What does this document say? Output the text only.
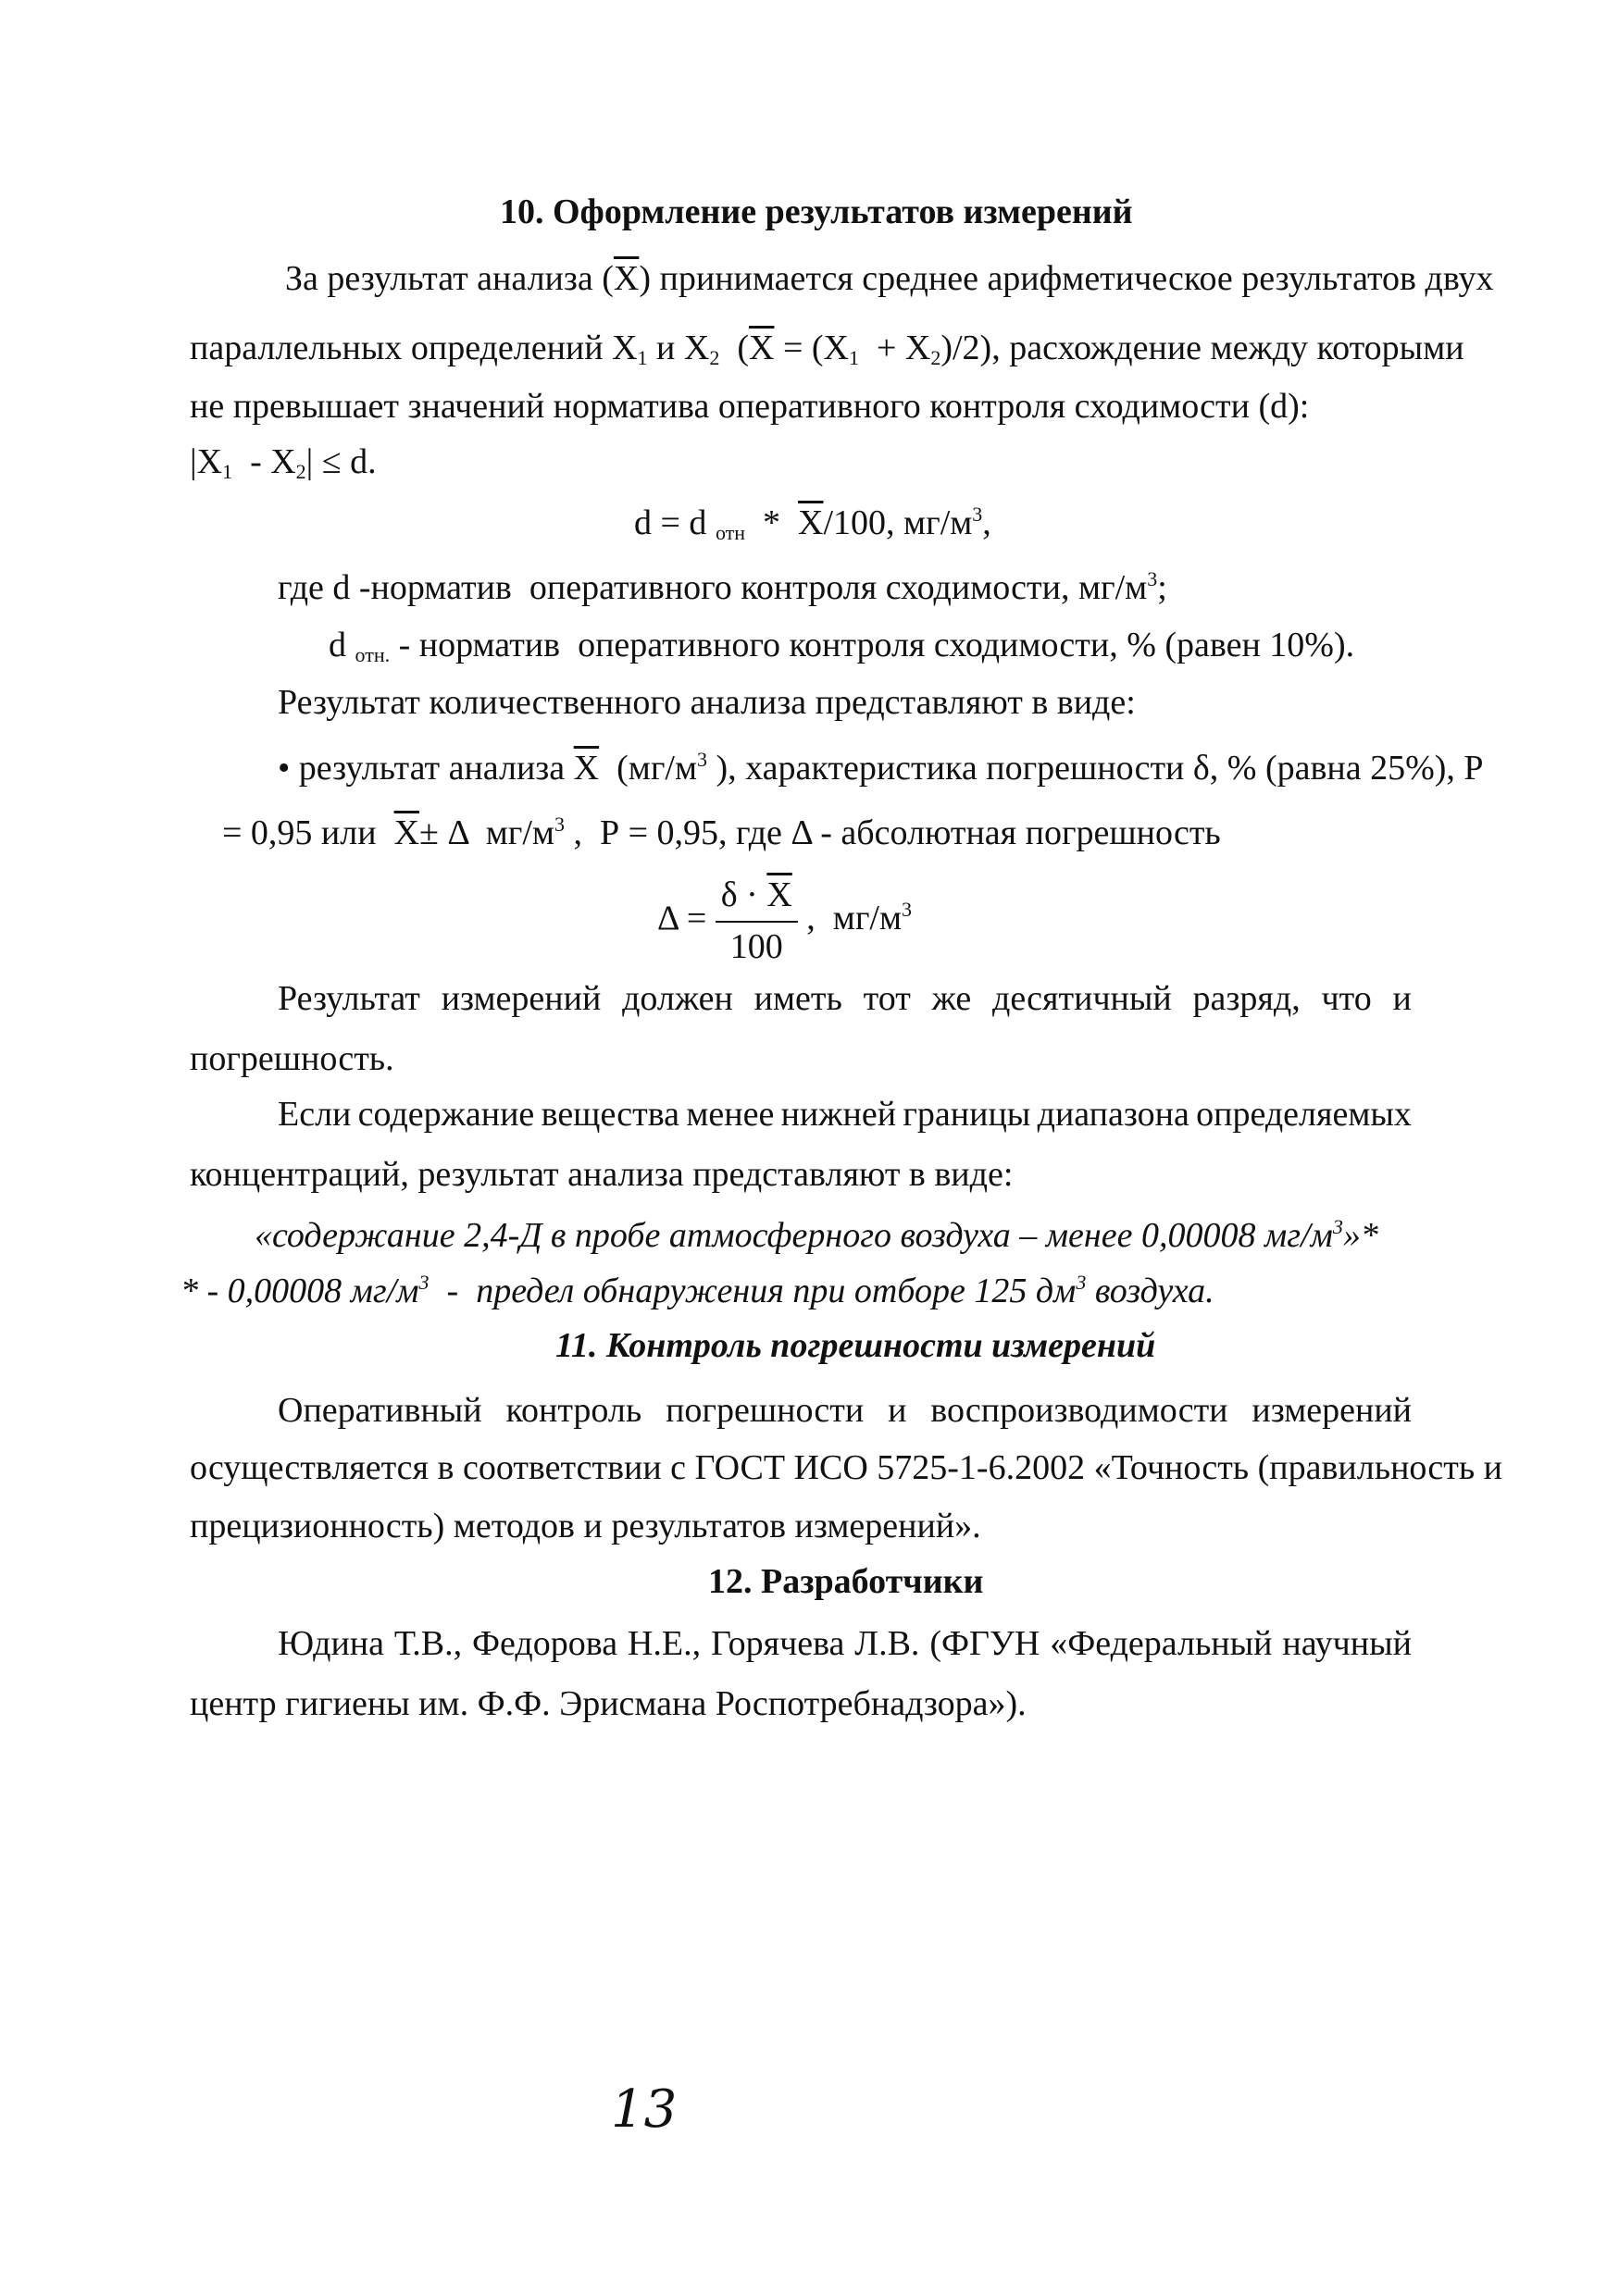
10. Оформление результатов измерений
За результат анализа $(\overline{X})$ принимается среднее арифметическое результатов двух
параллельных определений $X_1$ и $X_2$  $(\overline{X} = (X_1 + X_2)/2)$, расхождение между которыми
не превышает значений норматива оперативного контроля сходимости (d):
$|X_1 - X_2| \le d$.
d = d $_{отн} * \overline{X}/100$, $мг/м^3$,
где d -норматив  оперативного контроля сходимости, $мг/м^3$;
d $_{отн.}$ - норматив  оперативного контроля сходимости, % (равен 10%).
Результат количественного анализа представляют в виде:
• результат анализа $\overline{X}$  ($мг/м^3$ ), характеристика погрешности δ, % (равна 25%), Р
= 0,95 или  $\overline{X}\pm \Delta$  $мг/м^3$ ,  Р = 0,95, где Δ - абсолютная погрешность
$\Delta = \frac{\delta \cdot \overline{X}}{100}$ ,  $мг/м^3$
Результат измерений должен иметь тот же десятичный разряд, что и
погрешность.
Если содержание вещества менее нижней границы диапазона определяемых
концентраций, результат анализа представляют в виде:
«содержание 2,4-Д в пробе атмосферного воздуха – менее 0,00008 $мг/м^3»*$
* - 0,00008 $мг/м^3$  -  предел обнаружения при отборе 125 $дм^3$ воздуха.
11. Контроль погрешности измерений
Оперативный контроль погрешности и воспроизводимости измерений
осуществляется в соответствии с ГОСТ ИСО 5725-1-6.2002 «Точность (правильность и
прецизионность) методов и результатов измерений».
12. Разработчики
Юдина Т.В., Федорова Н.Е., Горячева Л.В. (ФГУН «Федеральный научный
центр гигиены им. Ф.Ф. Эрисмана Роспотребнадзора»).
13
